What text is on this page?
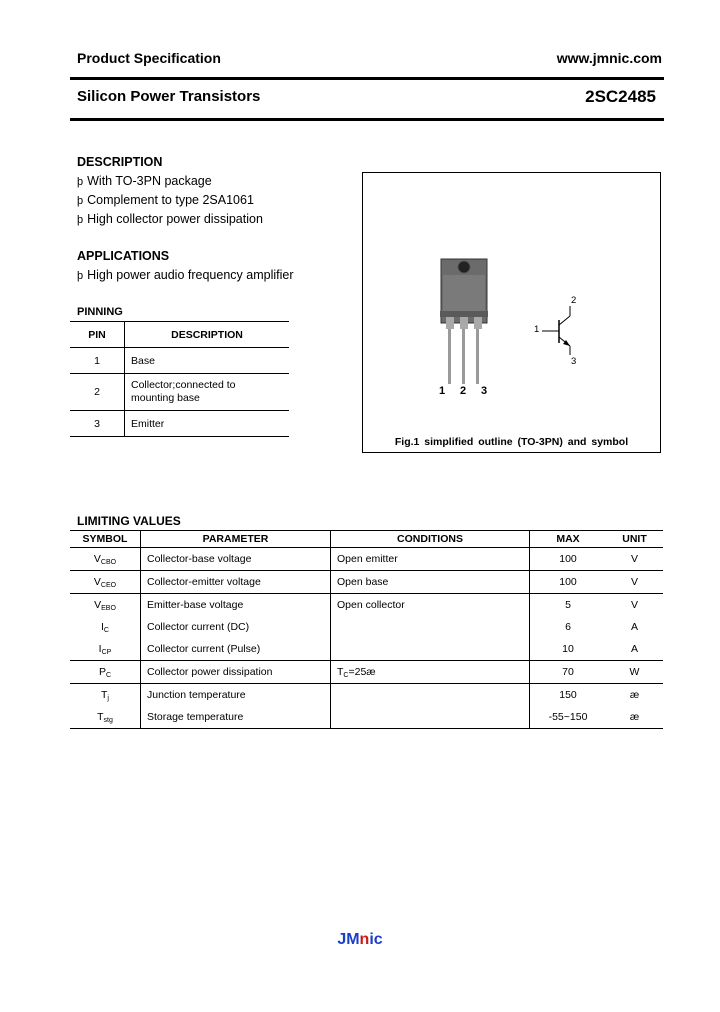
Product Specification	www.jmnic.com
Silicon Power Transistors	2SC2485
DESCRIPTION
þ With TO-3PN package
þ Complement to type 2SA1061
þ High collector power dissipation
APPLICATIONS
þ High power audio frequency amplifier
PINNING
PIN	DESCRIPTION
1	Base
2	Collector;connected to
mounting base
3	Emitter
1 2 3
1
2
3
Fig.1 simplified outline (TO-3PN) and symbol
LIMITING VALUES
SYMBOL	PARAMETER	CONDITIONS	MAX	UNIT
$V_{CBO}$	Collector-base voltage	Open emitter	100	V
$V_{CEO}$	Collector-emitter voltage	Open base	100	V
$V_{EBO}$	Emitter-base voltage	Open collector	5	V
$I_C$	Collector current (DC)		6	A
$I_{CP}$	Collector current (Pulse)		10	A
$P_C$	Collector power dissipation	$T_C=25æ$	70	W
$T_j$	Junction temperature		150	æ
$T_{stg}$	Storage temperature		-55~150	æ
JMnic
